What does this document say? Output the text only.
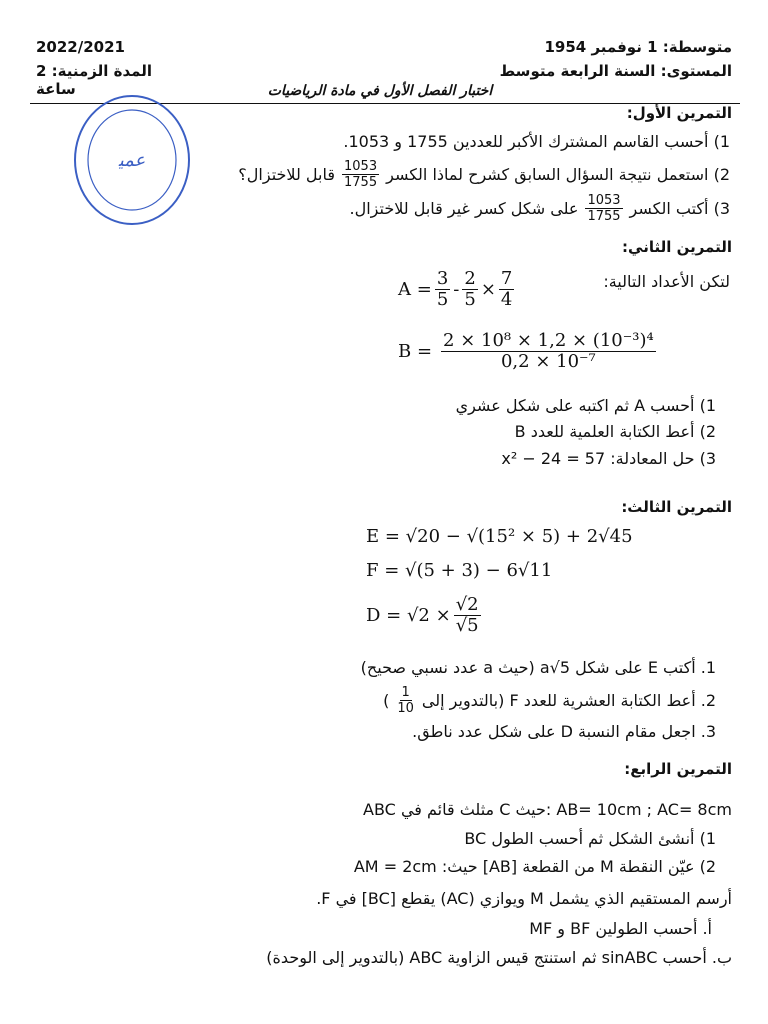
متوسطة: 1 نوفمبر 1954
2022/2021
المستوى: السنة الرابعة متوسط
المدة الزمنية: 2 ساعة	اختبار الفصل الأول في مادة الرياضيات
ﻋﻤﯿ
التمرين الأول:
1) أحسب القاسم المشترك الأكبر للعددين 1755 و 1053.
2) استعمل نتيجة السؤال السابق كشرح لماذا الكسر
$\frac{1053}{1755}$
قابل للاختزال؟
3) أكتب الكسر
$\frac{1053}{1755}$
على شكل كسر غير قابل للاختزال.
التمرين الثاني:
لتكن الأعداد التالية:
$A = \frac{3}{5} - \frac{2}{5} \times \frac{7}{4}$
$B = \frac{\text{2 × 10⁸ × 1,2 × (10⁻³)⁴}}{\text{0,2 × 10⁻⁷}}$
1) أحسب A ثم اكتبه على شكل عشري
2) أعط الكتابة العلمية للعدد B
3) حل المعادلة: x² − 24 = 57
التمرين الثالث:
E = √20 − √(15² × 5) + 2√45
F = √(5 + 3) − 6√11
$D = √2 \times \frac{√2}{√5}$
1. أكتب E على شكل a√5 (حيث a عدد نسبي صحيح)
2. أعط الكتابة العشرية للعدد F (بالتدوير إلى
$\frac{1}{10}$
)
3. اجعل مقام النسبة D على شكل عدد ناطق.
التمرين الرابع:
ABC مثلث قائم في C حيث: AB= 10cm ; AC= 8cm
1) أنشئ الشكل ثم أحسب الطول BC
2) عيّن النقطة M من القطعة [AB] حيث: AM = 2cm
أرسم المستقيم الذي يشمل M ويوازي (AC) يقطع [BC] في F.
أ. أحسب الطولين BF و MF
ب. أحسب sinABC ثم استنتج قيس الزاوية ABC (بالتدوير إلى الوحدة)
